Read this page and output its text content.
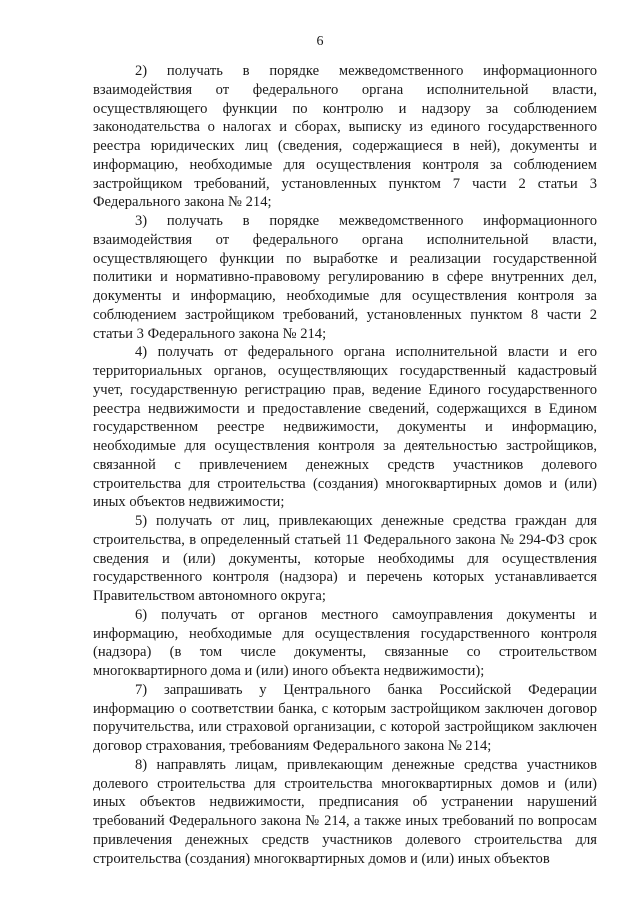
6

2) получать в порядке межведомственного информационного взаимодействия от федерального органа исполнительной власти, осуществляющего функции по контролю и надзору за соблюдением законодательства о налогах и сборах, выписку из единого государственного реестра юридических лиц (сведения, содержащиеся в ней), документы и информацию, необходимые для осуществления контроля за соблюдением застройщиком требований, установленных пунктом 7 части 2 статьи 3 Федерального закона № 214;

3) получать в порядке межведомственного информационного взаимодействия от федерального органа исполнительной власти, осуществляющего функции по выработке и реализации государственной политики и нормативно-правовому регулированию в сфере внутренних дел, документы и информацию, необходимые для осуществления контроля за соблюдением застройщиком требований, установленных пунктом 8 части 2 статьи 3 Федерального закона № 214;

4) получать от федерального органа исполнительной власти и его территориальных органов, осуществляющих государственный кадастровый учет, государственную регистрацию прав, ведение Единого государственного реестра недвижимости и предоставление сведений, содержащихся в Едином государственном реестре недвижимости, документы и информацию, необходимые для осуществления контроля за деятельностью застройщиков, связанной с привлечением денежных средств участников долевого строительства для строительства (создания) многоквартирных домов и (или) иных объектов недвижимости;

5) получать от лиц, привлекающих денежные средства граждан для строительства, в определенный статьей 11 Федерального закона № 294-ФЗ срок сведения и (или) документы, которые необходимы для осуществления государственного контроля (надзора) и перечень которых устанавливается Правительством автономного округа;

6) получать от органов местного самоуправления документы и информацию, необходимые для осуществления государственного контроля (надзора) (в том числе документы, связанные со строительством многоквартирного дома и (или) иного объекта недвижимости);

7) запрашивать у Центрального банка Российской Федерации информацию о соответствии банка, с которым застройщиком заключен договор поручительства, или страховой организации, с которой застройщиком заключен договор страхования, требованиям Федерального закона № 214;

8) направлять лицам, привлекающим денежные средства участников долевого строительства для строительства многоквартирных домов и (или) иных объектов недвижимости, предписания об устранении нарушений требований Федерального закона № 214, а также иных требований по вопросам привлечения денежных средств участников долевого строительства для строительства (создания) многоквартирных домов и (или) иных объектов
